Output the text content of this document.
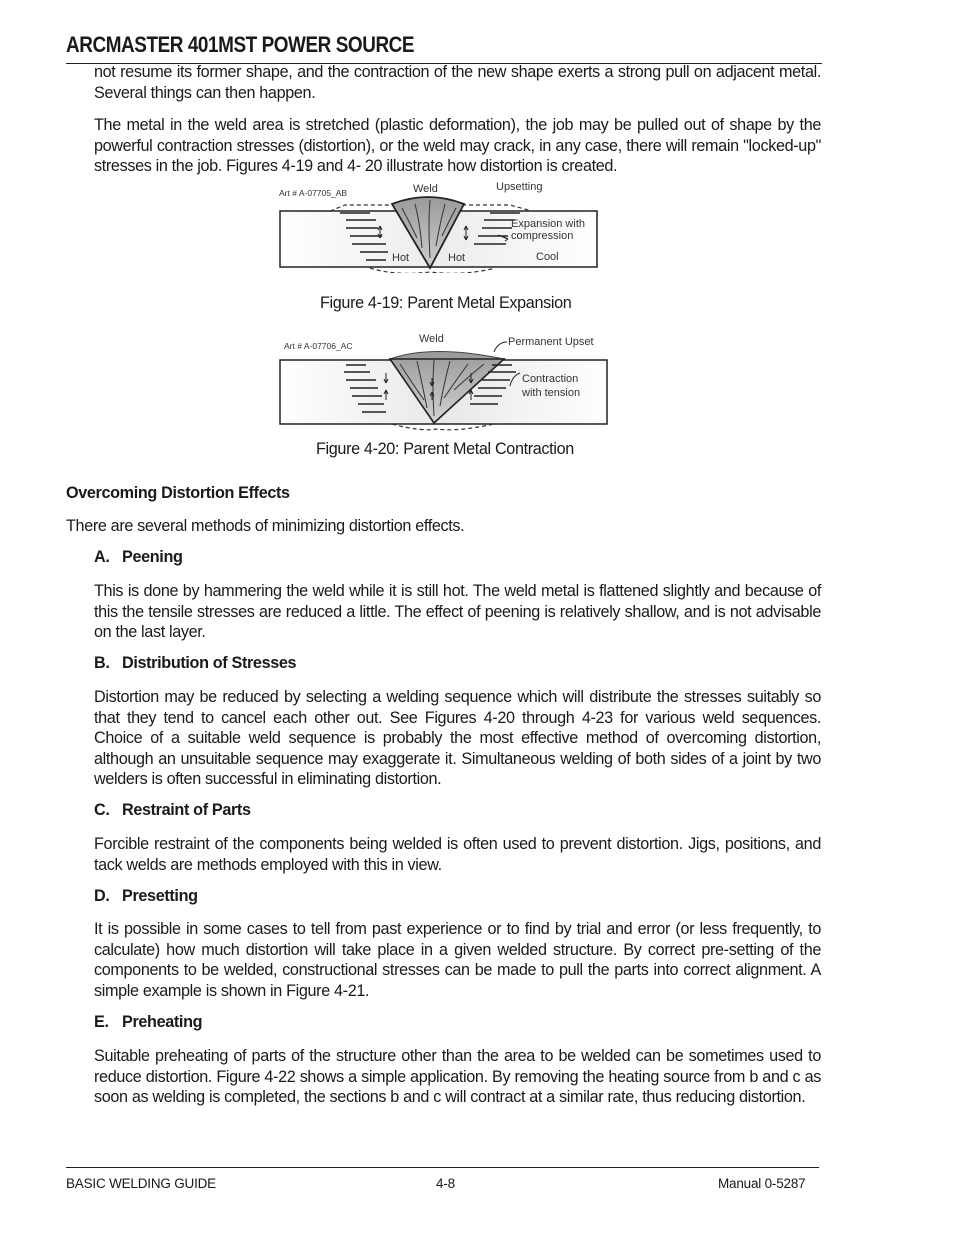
ARCMASTER 401MST POWER SOURCE
not resume its former shape, and the contraction of the new shape exerts a strong pull on adjacent metal. Several things can then happen.
The metal in the weld area is stretched (plastic deformation), the job may be pulled out of shape by the powerful contraction stresses (distortion), or the weld may crack, in any case, there will remain "locked-up" stresses in the job. Figures 4-19 and 4- 20 illustrate how distortion is created.
Art # A-07705_AB	Weld	Upsetting
Expansion with
compression
Hot	Hot	Cool
Figure 4-19: Parent Metal Expansion
Art # A-07706_AC
Weld	Permanent Upset
Contraction
with tension
Figure 4-20: Parent Metal Contraction
Overcoming Distortion Effects
There are several methods of minimizing distortion effects.
A. Peening
This is done by hammering the weld while it is still hot. The weld metal is flattened slightly and because of this the tensile stresses are reduced a little. The effect of peening is relatively shallow, and is not advisable on the last layer.
B. Distribution of Stresses
Distortion may be reduced by selecting a welding sequence which will distribute the stresses suitably so that they tend to cancel each other out. See Figures 4-20 through 4-23 for various weld sequences. Choice of a suitable weld sequence is probably the most effective method of overcoming distortion, although an unsuitable sequence may exaggerate it. Simultaneous welding of both sides of a joint by two welders is often successful in eliminating distortion.
C. Restraint of Parts
Forcible restraint of the components being welded is often used to prevent distortion. Jigs, positions, and tack welds are methods employed with this in view.
D. Presetting
It is possible in some cases to tell from past experience or to find by trial and error (or less frequently, to calculate) how much distortion will take place in a given welded structure. By correct pre-setting of the components to be welded, constructional stresses can be made to pull the parts into correct alignment. A simple example is shown in Figure 4-21.
E. Preheating
Suitable preheating of parts of the structure other than the area to be welded can be sometimes used to reduce distortion. Figure 4-22 shows a simple application. By removing the heating source from b and c as soon as welding is completed, the sections b and c will contract at a similar rate, thus reducing distortion.
BASIC WELDING GUIDE	4-8	Manual 0-5287
